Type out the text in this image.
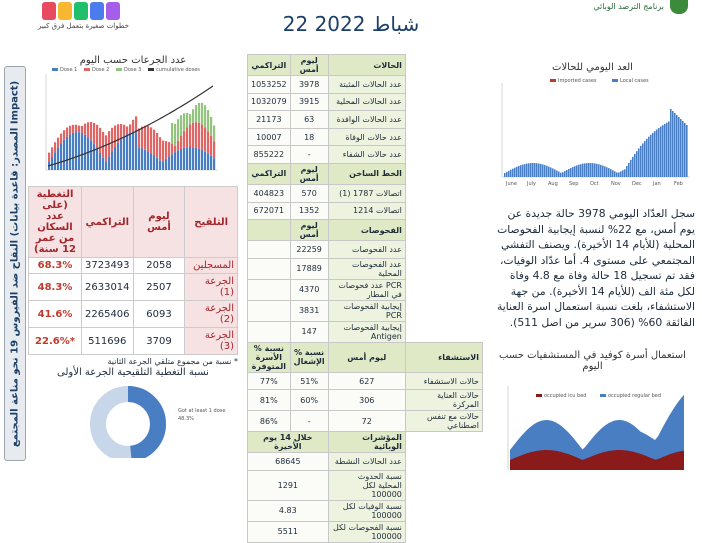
خطوات صغيرة بتعمل فرق كبير	22 شباط 2022
برنامج الترصد الوبائي
النقاح ضد الفيروس 19 نحو مناعة المجتمع (المصدر: قاعدة بيانات Impact)
عدد الجرعات حسب اليوم
Dose 1	Dose 2	Dose 3	cumulative doses
التغطية (على عدد السكان من عمر 12 سنة)	التراكمي	ليوم أمس	التلقيح
68.3%	3723493	2058	المسجلين
48.3%	2633014	2507	الجرعة (1)
41.6%	2265406	6093	الجرعة (2)
22.6%*	511696	3709	الجرعة (3)
* نسبة من مجموع متلقي الجرعة الثانية
نسبة التغطية التلقيحية الجرعة الأولى
Got at least 1 dose
48.3%
التراكمي	ليوم أمس	الحالات	
1053252	3978	عدد الحالات المثبتة	
1032079	3915	عدد الحالات المحلية	
21173	63	عدد الحالات الوافدة	
10007	18	عدد حالات الوفاة	
855222	-	عدد حالات الشفاء	
التراكمي	ليوم أمس	الخط الساخن	
404823	570	اتصالات 1787 (1)	
672071	1352	اتصالات 1214	
	ليوم أمس	الفحوصات	
	22259	عدد الفحوصات	
	17889	عدد الفحوصات المحلية	
	4370	عدد فحوصات PCR في المطار	
	3831	إيجابية الفحوصات PCR	
	147	إيجابية الفحوصات Antigen	
% نسبة الأسرة المتوفرة	% نسبة الإشغال	ليوم أمس	الاستشفاء
77%	51%	627	حالات الاستشفاء
81%	60%	306	حالات العناية المركزة
86%	-	72	حالات مع تنفس اصطناعي
خلال 14 يوم الأخيرة		المؤشرات الوبائية	
68645		عدد الحالات النشطة	
1291		نسبة الحدوث المحلية لكل 100000	
4.83		نسبة الوفيات لكل 100000	
5511		نسبة الفحوصات لكل 100000	
العد اليومي للحالات
Imported cases	Local cases
June July Aug Sep Oct Nov Dec Jan	Feb
سجل العدّاد اليومي 3978 حالة جديدة عن يوم أمس، مع 22% لنسبة إيجابية الفحوصات المحلية (للأيام 14 الأخيرة). ويصنف التفشي المجتمعي على مستوى 4. أما عدّاد الوفيات، فقد تم تسجيل 18 حالة وفاة مع 4.8 وفاة لكل مئة الف (للأيام 14 الأخيرة). من جهة الاستشفاء، بلغت نسبة استعمال اسرة العناية الفائقة 60% (306 سرير من اصل 511).
استعمال أسرة كوفيد في المستشفيات حسب اليوم
occupied icu bed	occupied regular bed
